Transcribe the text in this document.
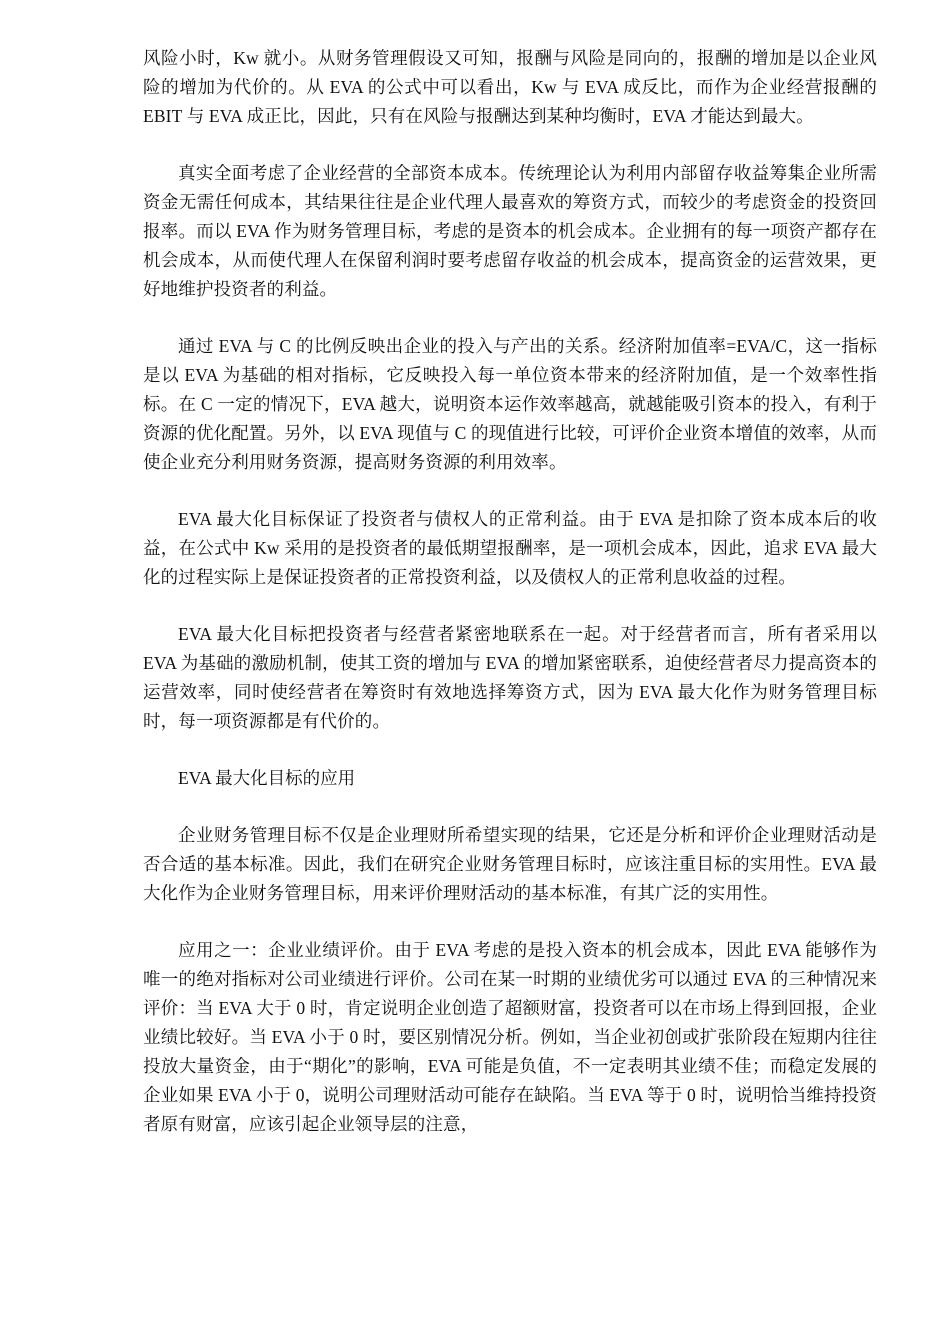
风险小时，Kw 就小。从财务管理假设又可知，报酬与风险是同向的，报酬的增加是以企业风险的增加为代价的。从 EVA 的公式中可以看出，Kw 与 EVA 成反比，而作为企业经营报酬的 EBIT 与 EVA 成正比，因此，只有在风险与报酬达到某种均衡时，EVA 才能达到最大。

真实全面考虑了企业经营的全部资本成本。传统理论认为利用内部留存收益筹集企业所需资金无需任何成本，其结果往往是企业代理人最喜欢的筹资方式，而较少的考虑资金的投资回报率。而以 EVA 作为财务管理目标，考虑的是资本的机会成本。企业拥有的每一项资产都存在机会成本，从而使代理人在保留利润时要考虑留存收益的机会成本，提高资金的运营效果，更好地维护投资者的利益。

通过 EVA 与 C 的比例反映出企业的投入与产出的关系。经济附加值率=EVA/C，这一指标是以 EVA 为基础的相对指标，它反映投入每一单位资本带来的经济附加值，是一个效率性指标。在 C 一定的情况下，EVA 越大，说明资本运作效率越高，就越能吸引资本的投入，有利于资源的优化配置。另外，以 EVA 现值与 C 的现值进行比较，可评价企业资本增值的效率，从而使企业充分利用财务资源，提高财务资源的利用效率。

EVA 最大化目标保证了投资者与债权人的正常利益。由于 EVA 是扣除了资本成本后的收益，在公式中 Kw 采用的是投资者的最低期望报酬率，是一项机会成本，因此，追求 EVA 最大化的过程实际上是保证投资者的正常投资利益，以及债权人的正常利息收益的过程。

EVA 最大化目标把投资者与经营者紧密地联系在一起。对于经营者而言，所有者采用以 EVA 为基础的激励机制，使其工资的增加与 EVA 的增加紧密联系，迫使经营者尽力提高资本的运营效率，同时使经营者在筹资时有效地选择筹资方式，因为 EVA 最大化作为财务管理目标时，每一项资源都是有代价的。

EVA 最大化目标的应用

企业财务管理目标不仅是企业理财所希望实现的结果，它还是分析和评价企业理财活动是否合适的基本标准。因此，我们在研究企业财务管理目标时，应该注重目标的实用性。EVA 最大化作为企业财务管理目标，用来评价理财活动的基本标准，有其广泛的实用性。

应用之一：企业业绩评价。由于 EVA 考虑的是投入资本的机会成本，因此 EVA 能够作为唯一的绝对指标对公司业绩进行评价。公司在某一时期的业绩优劣可以通过 EVA 的三种情况来评价：当 EVA 大于 0 时，肯定说明企业创造了超额财富，投资者可以在市场上得到回报，企业业绩比较好。当 EVA 小于 0 时，要区别情况分析。例如，当企业初创或扩张阶段在短期内往往投放大量资金，由于“期化”的影响，EVA 可能是负值，不一定表明其业绩不佳；而稳定发展的企业如果 EVA 小于 0，说明公司理财活动可能存在缺陷。当 EVA 等于 0 时，说明恰当维持投资者原有财富，应该引起企业领导层的注意，
